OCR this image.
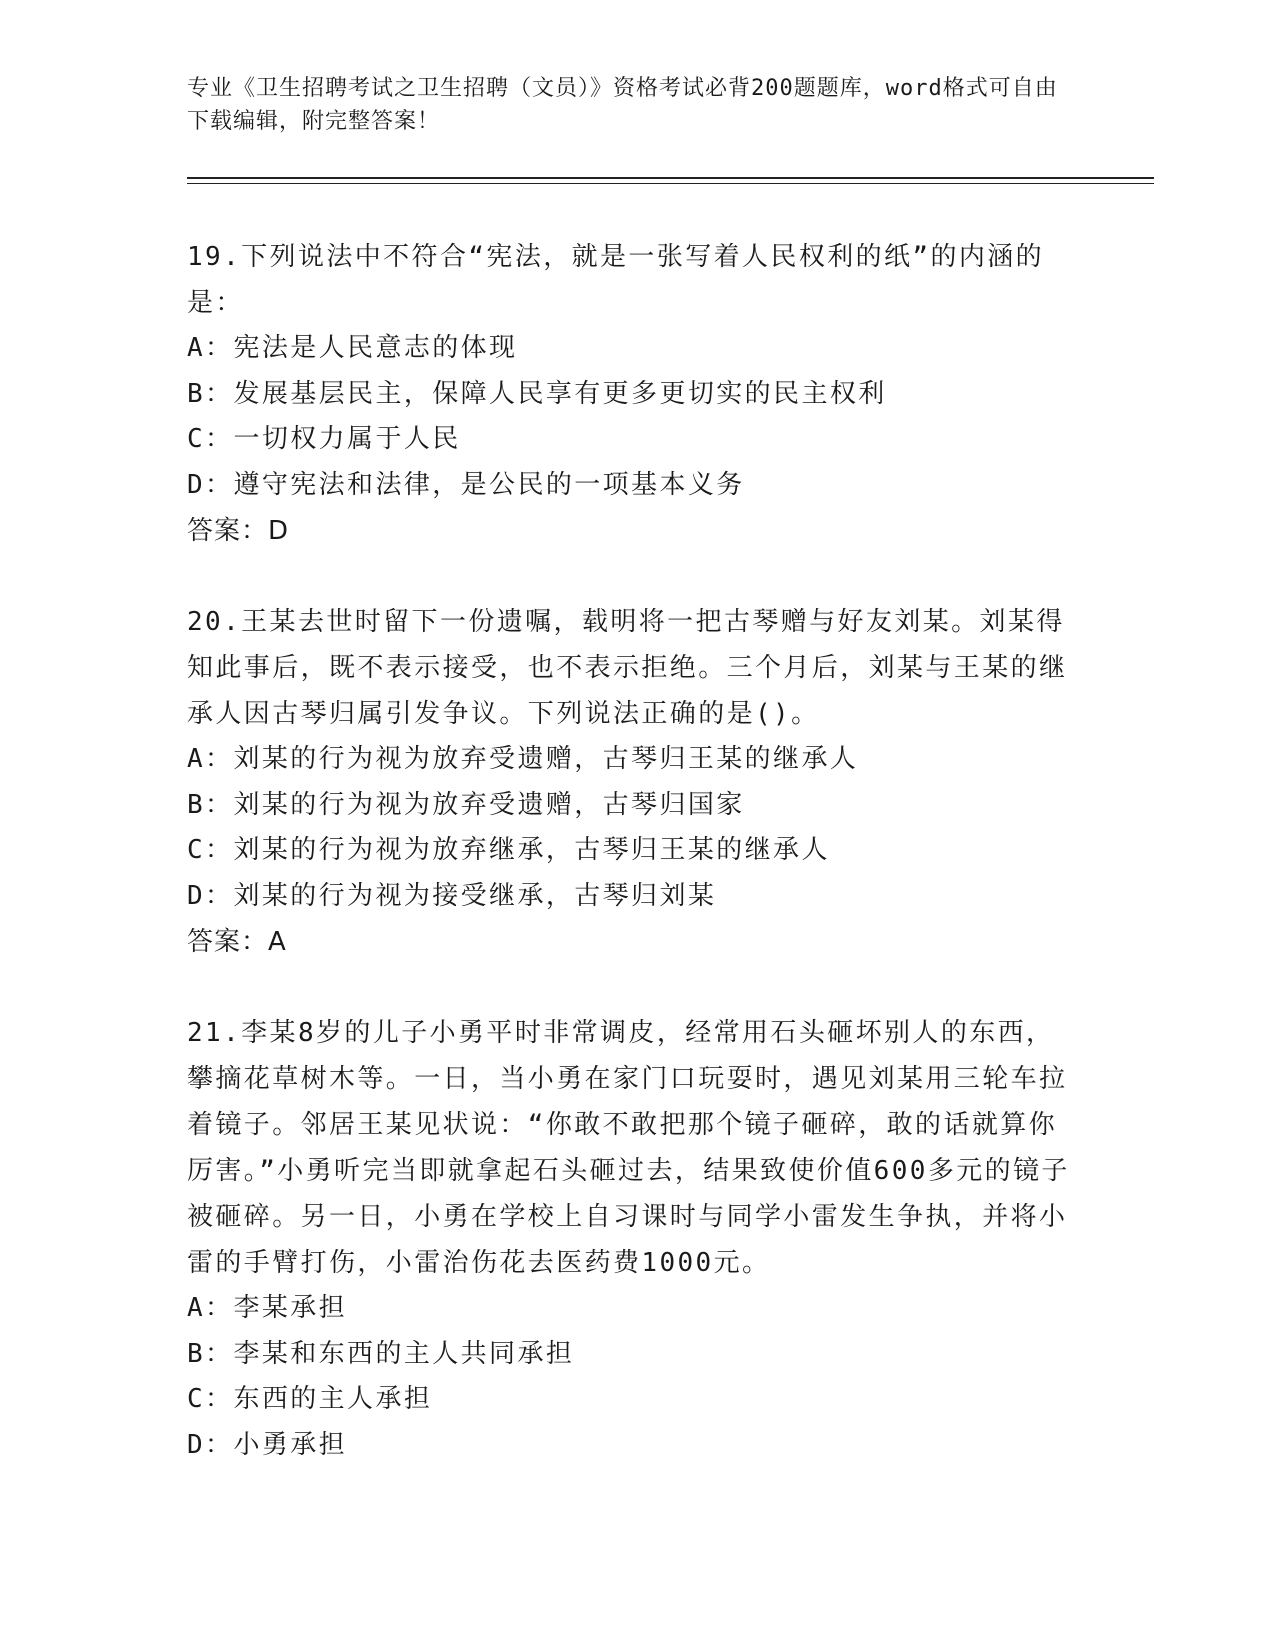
专业《卫生招聘考试之卫生招聘（文员）》资格考试必背200题题库，word格式可自由下载编辑，附完整答案！
19.下列说法中不符合“宪法，就是一张写着人民权利的纸”的内涵的是：
A：宪法是人民意志的体现
B：发展基层民主，保障人民享有更多更切实的民主权利
C：一切权力属于人民
D：遵守宪法和法律，是公民的一项基本义务
答案：D
20.王某去世时留下一份遗嘱，载明将一把古琴赠与好友刘某。刘某得知此事后，既不表示接受，也不表示拒绝。三个月后，刘某与王某的继承人因古琴归属引发争议。下列说法正确的是()。
A：刘某的行为视为放弃受遗赠，古琴归王某的继承人
B：刘某的行为视为放弃受遗赠，古琴归国家
C：刘某的行为视为放弃继承，古琴归王某的继承人
D：刘某的行为视为接受继承，古琴归刘某
答案：A
21.李某8岁的儿子小勇平时非常调皮，经常用石头砸坏别人的东西，攀摘花草树木等。一日，当小勇在家门口玩耍时，遇见刘某用三轮车拉着镜子。邻居王某见状说：“你敢不敢把那个镜子砸碎，敢的话就算你厉害。”小勇听完当即就拿起石头砸过去，结果致使价值600多元的镜子被砸碎。另一日，小勇在学校上自习课时与同学小雷发生争执，并将小雷的手臂打伤，小雷治伤花去医药费1000元。
A：李某承担
B：李某和东西的主人共同承担
C：东西的主人承担
D：小勇承担
